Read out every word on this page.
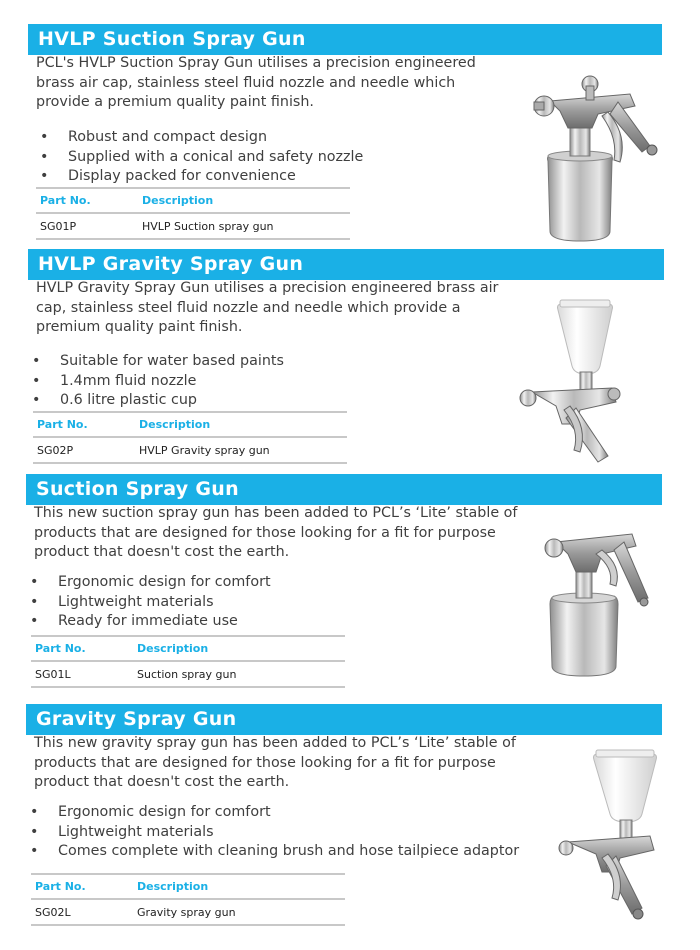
HVLP Suction Spray Gun

PCL's HVLP Suction Spray Gun utilises a precision engineered

brass air cap, stainless steel fluid nozzle and needle which

provide a premium quality paint finish.

• Robust and compact design
• Supplied with a conical and safety nozzle
• Display packed for convenience
Part No.	Description
SG01P	HVLP Suction spray gun
HVLP Gravity Spray Gun

HVLP Gravity Spray Gun utilises a precision engineered brass air

cap, stainless steel fluid nozzle and needle which provide a

premium quality paint finish.

• Suitable for water based paints
• 1.4mm fluid nozzle
• 0.6 litre plastic cup
Part No.	Description
SG02P	HVLP Gravity spray gun
Suction Spray Gun

This new suction spray gun has been added to PCL’s ‘Lite’ stable of

products that are designed for those looking for a fit for purpose

product that doesn't cost the earth.

• Ergonomic design for comfort
• Lightweight materials
• Ready for immediate use
Part No.	Description
SG01L	Suction spray gun
Gravity Spray Gun

This new gravity spray gun has been added to PCL’s ‘Lite’ stable of

products that are designed for those looking for a fit for purpose

product that doesn't cost the earth.

• Ergonomic design for comfort
• Lightweight materials
• Comes complete with cleaning brush and hose tailpiece adaptor
Part No.	Description
SG02L	Gravity spray gun
